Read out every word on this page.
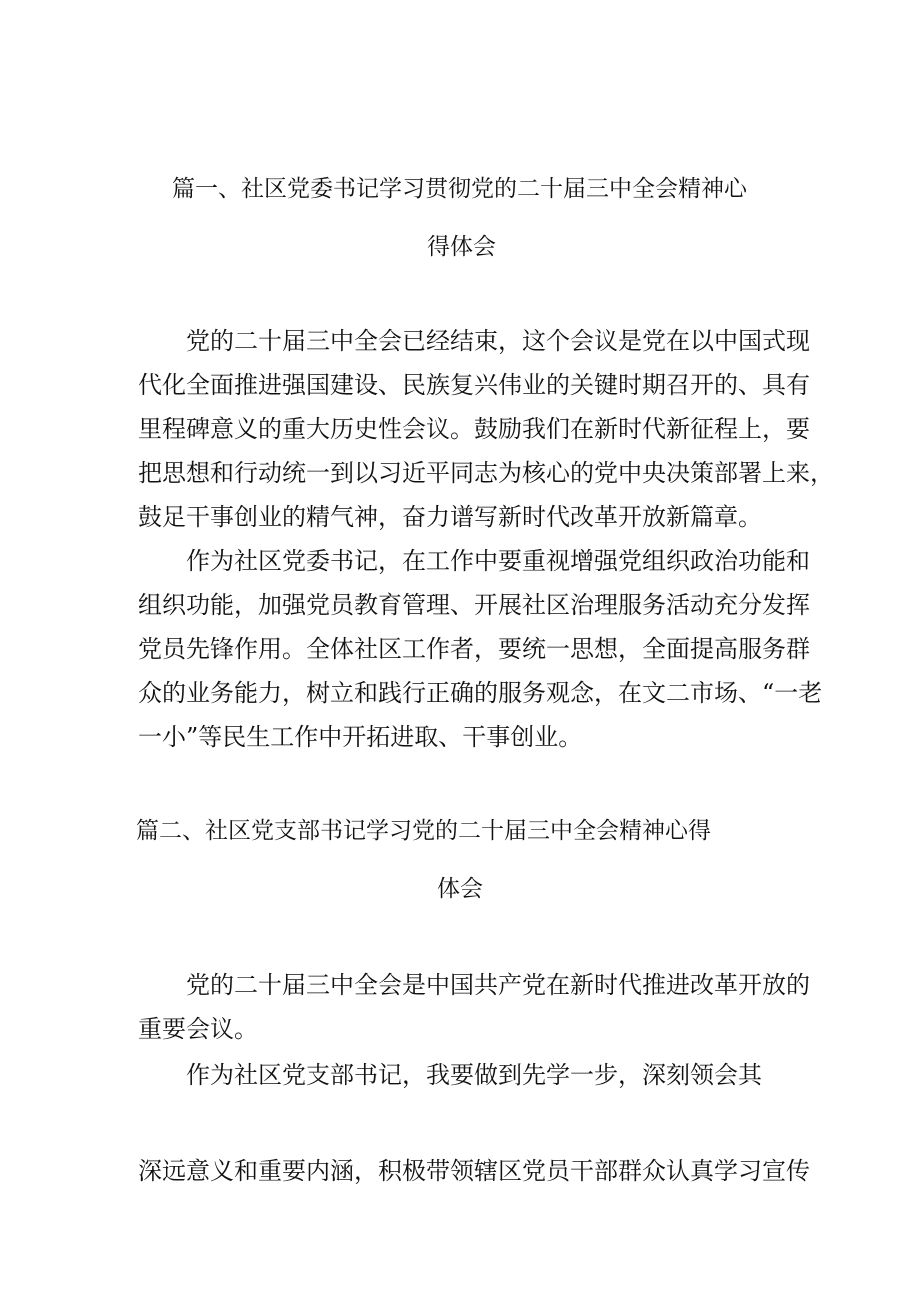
篇一、社区党委书记学习贯彻党的二十届三中全会精神心
得体会

党的二十届三中全会已经结束，这个会议是党在以中国式现

代化全面推进强国建设、民族复兴伟业的关键时期召开的、具有

里程碑意义的重大历史性会议。鼓励我们在新时代新征程上，要

把思想和行动统一到以习近平同志为核心的党中央决策部署上来，

鼓足干事创业的精气神，奋力谱写新时代改革开放新篇章。

作为社区党委书记，在工作中要重视增强党组织政治功能和

组织功能，加强党员教育管理、开展社区治理服务活动充分发挥

党员先锋作用。全体社区工作者，要统一思想，全面提高服务群

众的业务能力，树立和践行正确的服务观念，在文二市场、“一老

一小”等民生工作中开拓进取、干事创业。

篇二、社区党支部书记学习党的二十届三中全会精神心得
体会

党的二十届三中全会是中国共产党在新时代推进改革开放的

重要会议。

作为社区党支部书记，我要做到先学一步，深刻领会其

深远意义和重要内涵，积极带领辖区党员干部群众认真学习宣传
